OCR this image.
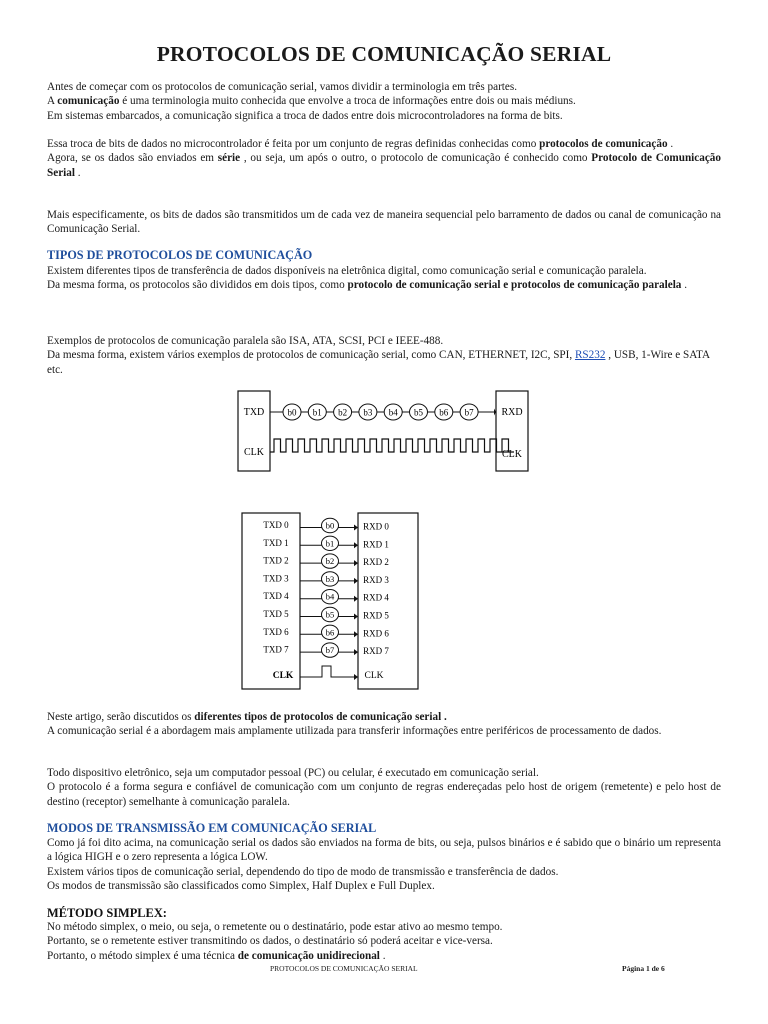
PROTOCOLOS DE COMUNICAÇÃO SERIAL
Antes de começar com os protocolos de comunicação serial, vamos dividir a terminologia em três partes.
A comunicação é uma terminologia muito conhecida que envolve a troca de informações entre dois ou mais médiuns.
Em sistemas embarcados, a comunicação significa a troca de dados entre dois microcontroladores na forma de bits.
Essa troca de bits de dados no microcontrolador é feita por um conjunto de regras definidas conhecidas como protocolos de comunicação .
Agora, se os dados são enviados em série , ou seja, um após o outro, o protocolo de comunicação é conhecido como Protocolo de Comunicação Serial .
Mais especificamente, os bits de dados são transmitidos um de cada vez de maneira sequencial pelo barramento de dados ou canal de comunicação na Comunicação Serial.
TIPOS DE PROTOCOLOS DE COMUNICAÇÃO
Existem diferentes tipos de transferência de dados disponíveis na eletrônica digital, como comunicação serial e comunicação paralela.
Da mesma forma, os protocolos são divididos em dois tipos, como protocolo de comunicação serial e protocolos de comunicação paralela .
Exemplos de protocolos de comunicação paralela são ISA, ATA, SCSI, PCI e IEEE-488.
Da mesma forma, existem vários exemplos de protocolos de comunicação serial, como CAN, ETHERNET, I2C, SPI, RS232 , USB, 1-Wire e SATA etc.
TXD
CLK
RXD
CLK
b0 b1 b2 b3 b4 b5 b6 b7
TXD 0	b0	RXD 0
TXD 1	b1	RXD 1
TXD 2	b2	RXD 2
TXD 3	b3	RXD 3
TXD 4	b4	RXD 4
TXD 5	b5	RXD 5
TXD 6	b6	RXD 6
TXD 7	b7	RXD 7
CLK	CLK
Neste artigo, serão discutidos os diferentes tipos de protocolos de comunicação serial .
A comunicação serial é a abordagem mais amplamente utilizada para transferir informações entre periféricos de processamento de dados.
Todo dispositivo eletrônico, seja um computador pessoal (PC) ou celular, é executado em comunicação serial.
O protocolo é a forma segura e confiável de comunicação com um conjunto de regras endereçadas pelo host de origem (remetente) e pelo host de destino (receptor) semelhante à comunicação paralela.
MODOS DE TRANSMISSÃO EM COMUNICAÇÃO SERIAL
Como já foi dito acima, na comunicação serial os dados são enviados na forma de bits, ou seja, pulsos binários e é sabido que o binário um representa a lógica HIGH e o zero representa a lógica LOW.
Existem vários tipos de comunicação serial, dependendo do tipo de modo de transmissão e transferência de dados.
Os modos de transmissão são classificados como Simplex, Half Duplex e Full Duplex.
MÉTODO SIMPLEX:
No método simplex, o meio, ou seja, o remetente ou o destinatário, pode estar ativo ao mesmo tempo.
Portanto, se o remetente estiver transmitindo os dados, o destinatário só poderá aceitar e vice-versa.
Portanto, o método simplex é uma técnica de comunicação unidirecional .
PROTOCOLOS DE COMUNICAÇÃO SERIAL	Página 1 de 6
